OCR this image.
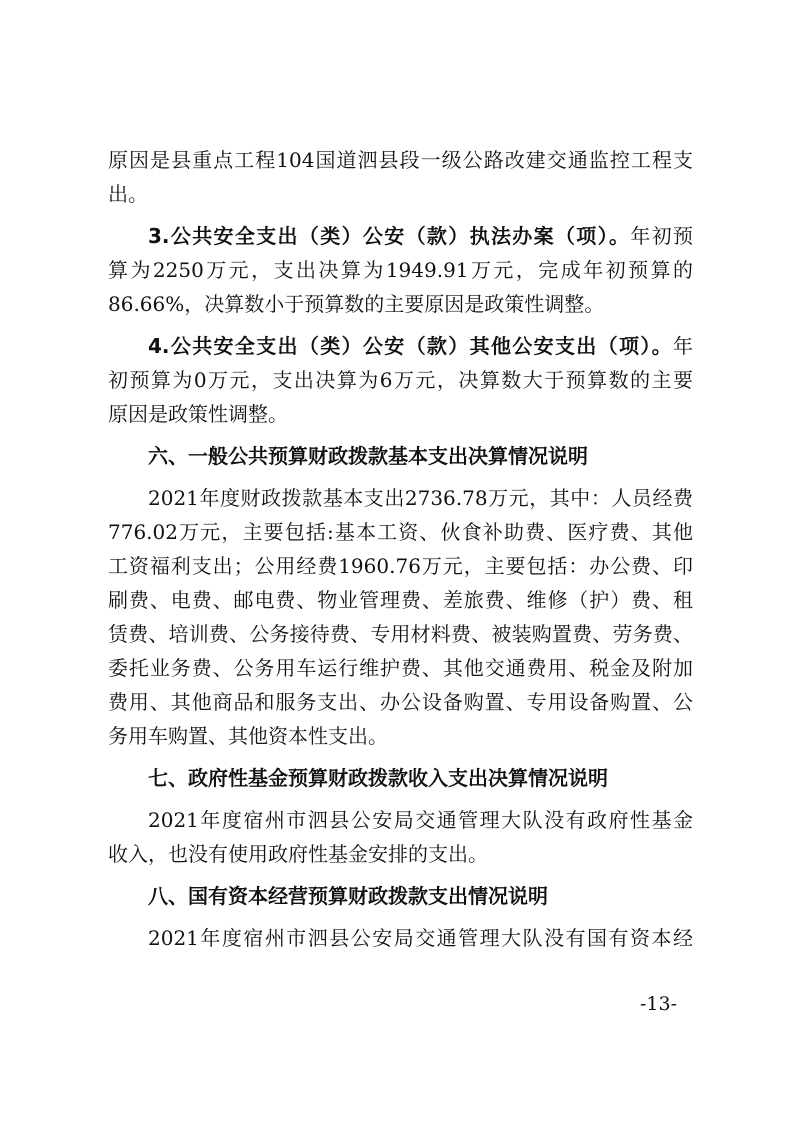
原因是县重点工程104国道泗县段一级公路改建交通监控工程支

出。

3.公共安全支出（类）公安（款）执法办案（项）。年初预

算为2250万元，支出决算为1949.91万元，完成年初预算的

86.66%，决算数小于预算数的主要原因是政策性调整。

4.公共安全支出（类）公安（款）其他公安支出（项）。年

初预算为0万元，支出决算为6万元，决算数大于预算数的主要

原因是政策性调整。

六、一般公共预算财政拨款基本支出决算情况说明

2021年度财政拨款基本支出2736.78万元，其中：人员经费

776.02万元，主要包括:基本工资、伙食补助费、医疗费、其他

工资福利支出；公用经费1960.76万元，主要包括：办公费、印

刷费、电费、邮电费、物业管理费、差旅费、维修（护）费、租

赁费、培训费、公务接待费、专用材料费、被装购置费、劳务费、

委托业务费、公务用车运行维护费、其他交通费用、税金及附加

费用、其他商品和服务支出、办公设备购置、专用设备购置、公

务用车购置、其他资本性支出。

七、政府性基金预算财政拨款收入支出决算情况说明

2021年度宿州市泗县公安局交通管理大队没有政府性基金

收入，也没有使用政府性基金安排的支出。

八、国有资本经营预算财政拨款支出情况说明

2021年度宿州市泗县公安局交通管理大队没有国有资本经

-13-
